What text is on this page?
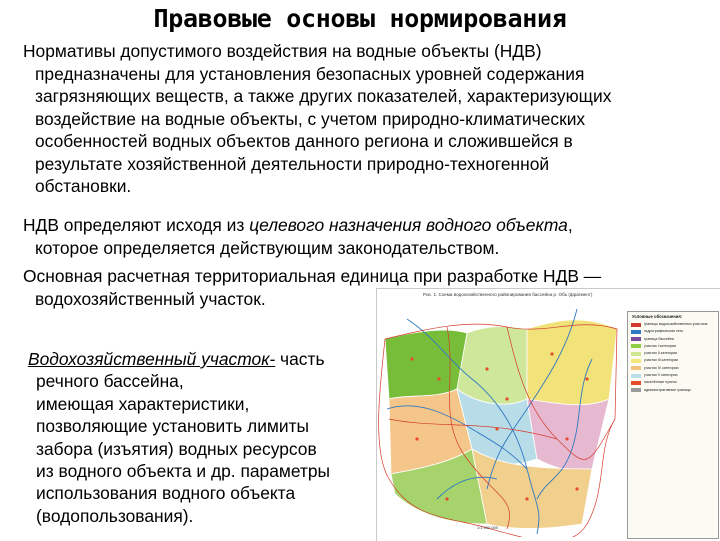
Правовые основы нормирования

Нормативы допустимого воздействия на водные объекты (НДВ)
предназначены для установления безопасных уровней содержания
загрязняющих веществ, а также других показателей, характеризующих
воздействие на водные объекты, с учетом природно-климатических
особенностей водных объектов данного региона и сложившейся в
результате хозяйственной деятельности природно-техногенной
обстановки.

НДВ определяют исходя из целевого назначения водного объекта,
которое определяется действующим законодательством.

Основная расчетная территориальная единица при разработке НДВ —
водохозяйственный участок.

Водохозяйственный участок- часть
речного бассейна,
имеющая характеристики,
позволяющие установить лимиты
забора (изъятия) водных ресурсов
из водного объекта и др. параметры
использования водного объекта
(водопользования).

Рис. 1. Схема водохозяйственного районирования бассейна р. Обь (фрагмент)
Условные обозначения:
границы водохозяйственных участков
гидрографическая сеть
граница бассейна
участки I категории
участки II категории
участки III категории
участки IV категории
участки V категории
населённые пункты
административные границы
1:1 000 000
